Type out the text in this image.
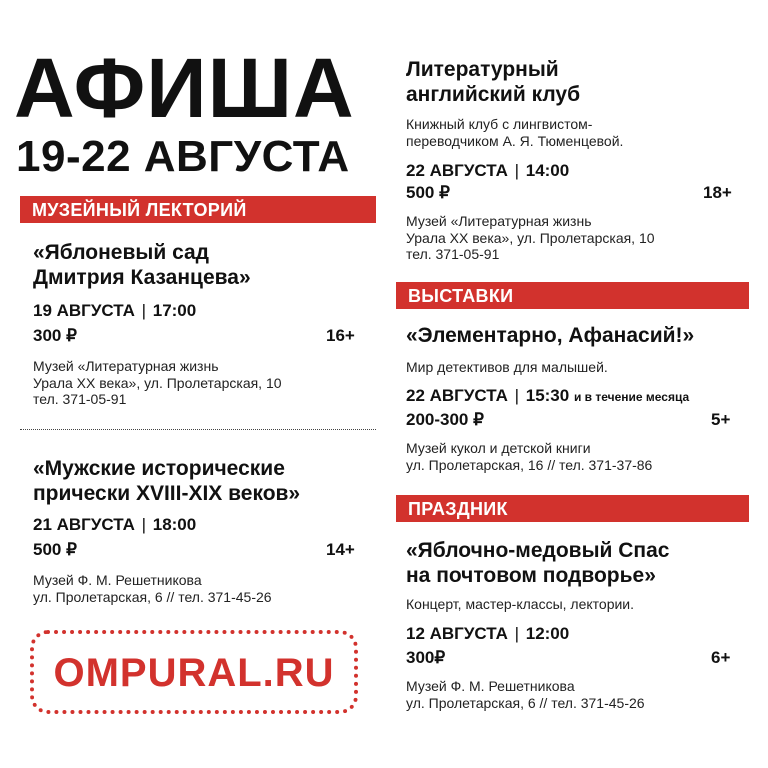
АФИША
19-22 АВГУСТА
МУЗЕЙНЫЙ ЛЕКТОРИЙ
«Яблоневый сад
Дмитрия Казанцева»
19 АВГУСТА | 17:00
300 ₽	16+
Музей «Литературная жизнь
Урала XX века», ул. Пролетарская, 10
тел. 371-05-91
«Мужские исторические
прически XVIII-XIX веков»
21 АВГУСТА | 18:00
500 ₽	14+
Музей Ф. М. Решетникова
ул. Пролетарская, 6 // тел. 371-45-26
OMPURAL.RU
Литературный
английский клуб
Книжный клуб с лингвистом-
переводчиком А. Я. Тюменцевой.
22 АВГУСТА | 14:00
500 ₽	18+
Музей «Литературная жизнь
Урала XX века», ул. Пролетарская, 10
тел. 371-05-91
ВЫСТАВКИ
«Элементарно, Афанасий!»
Мир детективов для малышей.
22 АВГУСТА | 15:30 и в течение месяца
200-300 ₽	5+
Музей кукол и детской книги
ул. Пролетарская, 16 // тел. 371-37-86
ПРАЗДНИК
«Яблочно-медовый Спас
на почтовом подворье»
Концерт, мастер-классы, лектории.
12 АВГУСТА | 12:00
300₽	6+
Музей Ф. М. Решетникова
ул. Пролетарская, 6 // тел. 371-45-26
